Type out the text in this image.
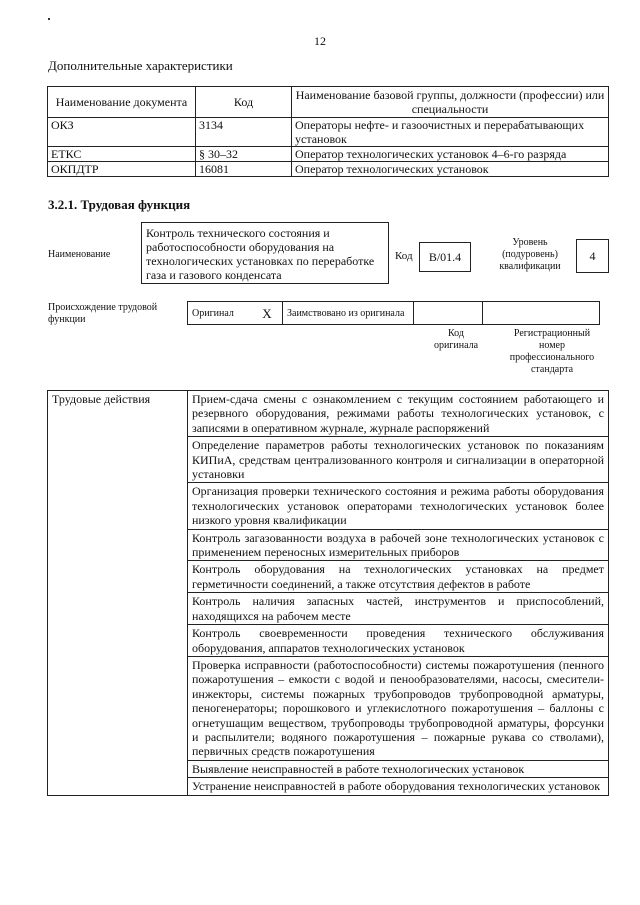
12
Дополнительные характеристики
Наименование документа	Код	Наименование базовой группы, должности (профессии) или специальности
ОКЗ	3134	Операторы нефте- и газоочистных и перерабатывающих установок
ЕТКС	§ 30–32	Оператор технологических установок 4–6-го разряда
ОКПДТР	16081	Оператор технологических установок
3.2.1. Трудовая функция
Наименование
Контроль технического состояния и работоспособности оборудования на технологических установках по переработке газа и газового конденсата
Код	В/01.4
Уровень (подуровень) квалификации
4
Происхождение трудовой функции
Оригинал	X	Заимствовано из оригинала		
Код оригинала
Регистрационный номер профессионального стандарта
Трудовые действия	Прием-сдача смены с ознакомлением с текущим состоянием работающего и резервного оборудования, режимами работы технологических установок, с записями в оперативном журнале, журнале распоряжений
Определение параметров работы технологических установок по показаниям КИПиА, средствам централизованного контроля и сигнализации в операторной установки
Организация проверки технического состояния и режима работы оборудования технологических установок операторами технологических установок более низкого уровня квалификации
Контроль загазованности воздуха в рабочей зоне технологических установок с применением переносных измерительных приборов
Контроль оборудования на технологических установках на предмет герметичности соединений, а также отсутствия дефектов в работе
Контроль наличия запасных частей, инструментов и приспособлений, находящихся на рабочем месте
Контроль своевременности проведения технического обслуживания оборудования, аппаратов технологических установок
Проверка исправности (работоспособности) системы пожаротушения (пенного пожаротушения – емкости с водой и пенообразователями, насосы, смесители-инжекторы, системы пожарных трубопроводов трубопроводной арматуры, пеногенераторы; порошкового и углекислотного пожаротушения – баллоны с огнетушащим веществом, трубопроводы трубопроводной арматуры, форсунки и распылители; водяного пожаротушения – пожарные рукава со стволами), первичных средств пожаротушения
Выявление неисправностей в работе технологических установок
Устранение неисправностей в работе оборудования технологических установок
